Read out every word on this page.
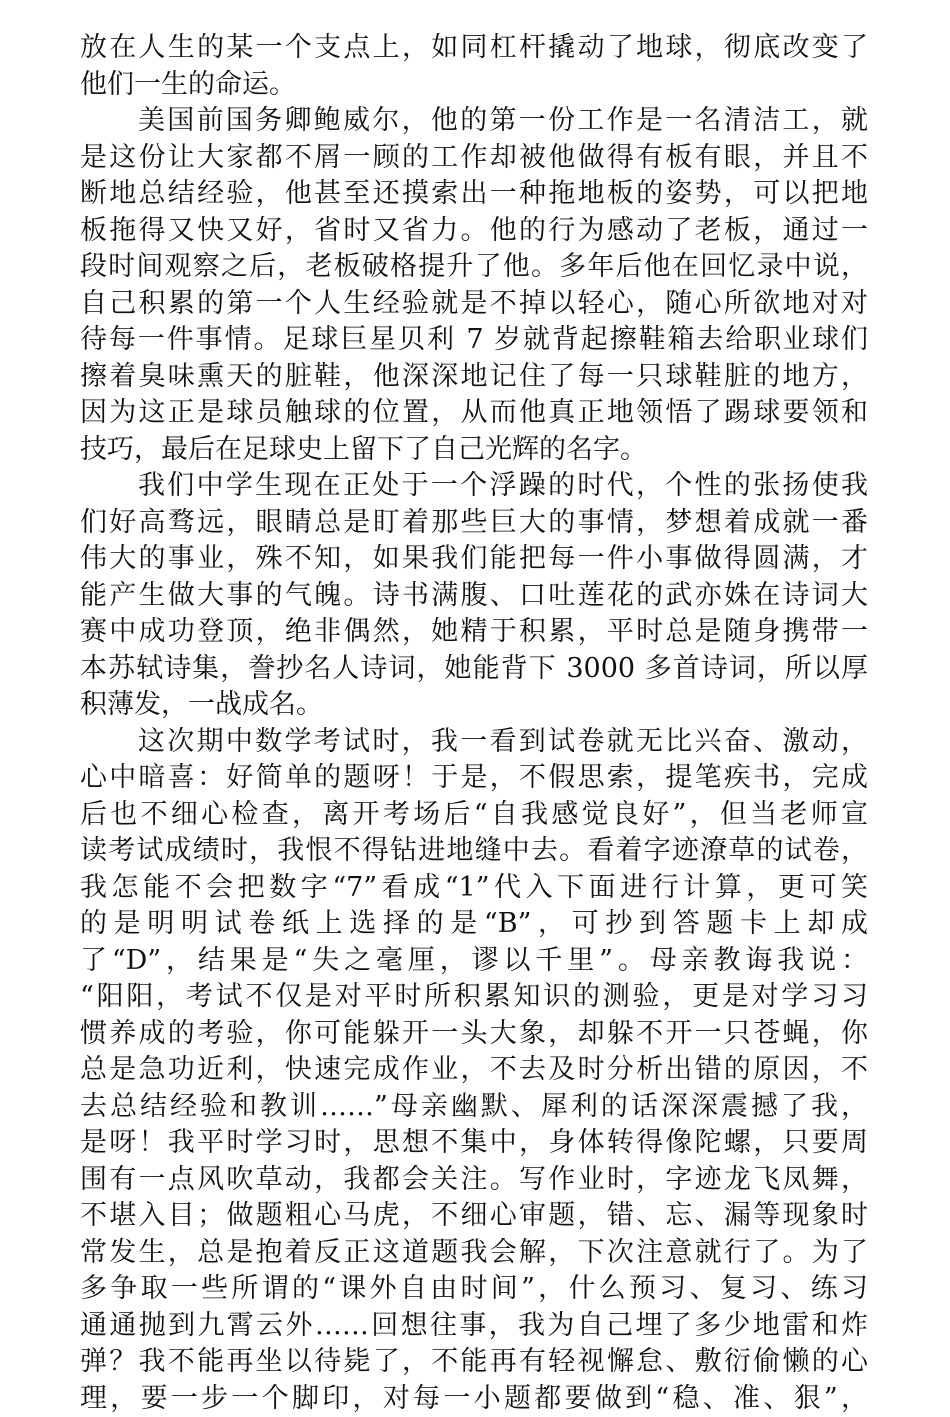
放在人生的某一个支点上，如同杠杆撬动了地球，彻底改变了
他们一生的命运。
美国前国务卿鲍威尔，他的第一份工作是一名清洁工，就
是这份让大家都不屑一顾的工作却被他做得有板有眼，并且不
断地总结经验，他甚至还摸索出一种拖地板的姿势，可以把地
板拖得又快又好，省时又省力。他的行为感动了老板，通过一
段时间观察之后，老板破格提升了他。多年后他在回忆录中说，
自己积累的第一个人生经验就是不掉以轻心，随心所欲地对对
待每一件事情。足球巨星贝利 7 岁就背起擦鞋箱去给职业球们
擦着臭味熏天的脏鞋，他深深地记住了每一只球鞋脏的地方，
因为这正是球员触球的位置，从而他真正地领悟了踢球要领和
技巧，最后在足球史上留下了自己光辉的名字。
我们中学生现在正处于一个浮躁的时代，个性的张扬使我
们好高骛远，眼睛总是盯着那些巨大的事情，梦想着成就一番
伟大的事业，殊不知，如果我们能把每一件小事做得圆满，才
能产生做大事的气魄。诗书满腹、口吐莲花的武亦姝在诗词大
赛中成功登顶，绝非偶然，她精于积累，平时总是随身携带一
本苏轼诗集，誊抄名人诗词，她能背下 3000 多首诗词，所以厚
积薄发，一战成名。
这次期中数学考试时，我一看到试卷就无比兴奋、激动，
心中暗喜：好简单的题呀！于是，不假思索，提笔疾书，完成
后也不细心检查，离开考场后“自我感觉良好”，但当老师宣
读考试成绩时，我恨不得钻进地缝中去。看着字迹潦草的试卷，
我怎能不会把数字“7”看成“1”代入下面进行计算，更可笑
的是明明试卷纸上选择的是“B”，可抄到答题卡上却成
了“D”，结果是“失之毫厘，谬以千里”。母亲教诲我说：
“阳阳，考试不仅是对平时所积累知识的测验，更是对学习习
惯养成的考验，你可能躲开一头大象，却躲不开一只苍蝇，你
总是急功近利，快速完成作业，不去及时分析出错的原因，不
去总结经验和教训……”母亲幽默、犀利的话深深震撼了我，
是呀！我平时学习时，思想不集中，身体转得像陀螺，只要周
围有一点风吹草动，我都会关注。写作业时，字迹龙飞凤舞，
不堪入目；做题粗心马虎，不细心审题，错、忘、漏等现象时
常发生，总是抱着反正这道题我会解，下次注意就行了。为了
多争取一些所谓的“课外自由时间”，什么预习、复习、练习
通通抛到九霄云外……回想往事，我为自己埋了多少地雷和炸
弹？我不能再坐以待毙了，不能再有轻视懈怠、敷衍偷懒的心
理，要一步一个脚印，对每一小题都要做到“稳、准、狠”，
